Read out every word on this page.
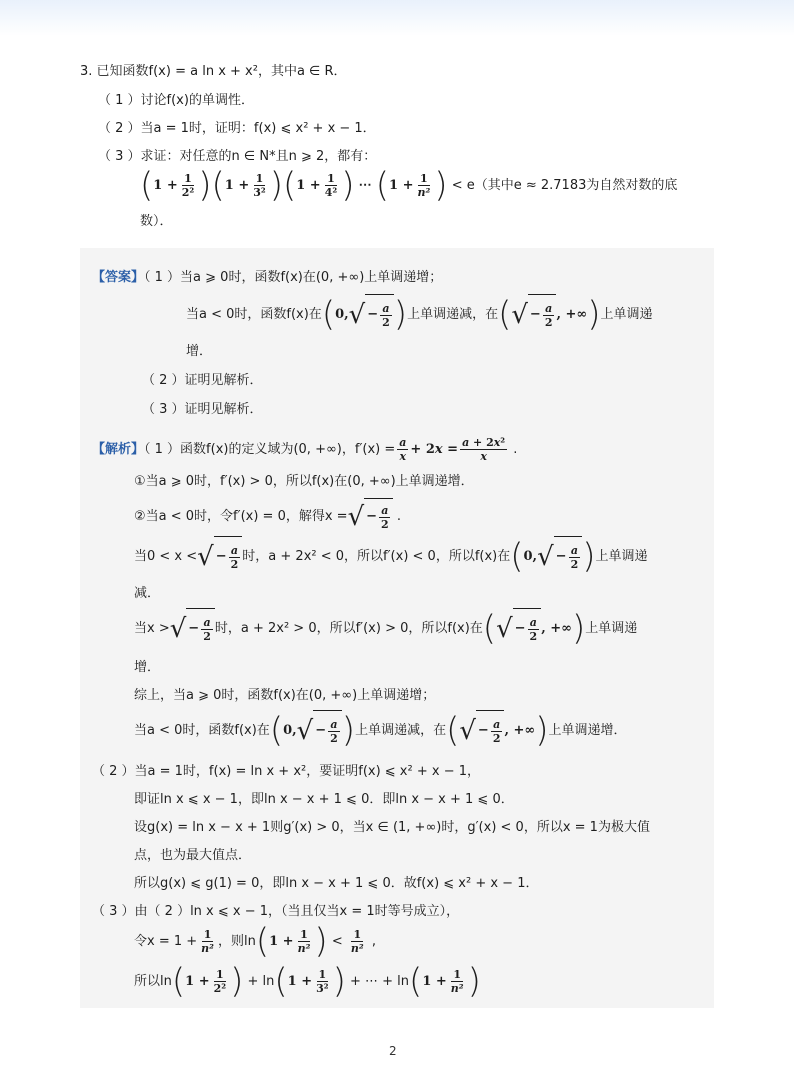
3. 已知函数f(x) = a ln x + x²，其中a ∈ R．
（ 1 ）讨论f(x)的单调性．
（ 2 ）当a = 1时，证明：f(x) ⩽ x² + x − 1．
（ 3 ）求证：对任意的n ∈ N*且n ⩾ 2，都有：
$(1 + \frac{1}{\text{2²}} )(1 + \frac{1}{\text{3²}} )(1 + \frac{1}{\text{4²}}$ ) ⋯ ($1 + \frac{1}{\text{n²}}$ ) < e（其中e ≈ 2.7183为自然对数的底
数）．
【答案】（ 1 ）当a ⩾ 0时，函数f(x)在(0, +∞)上单调递增；
当a < 0时，函数f(x)在(0, √ − $\frac{a}{2}$ )上单调递减，在( √ − $\frac{a}{2}$ , +∞)上单调递
增．
（ 2 ）证明见解析．
（ 3 ）证明见解析．
【解析】（ 1 ）函数f(x)的定义域为(0, +∞)，$f'(x) = \frac{a}{x} + 2x = \frac{\text{a + 2x²}}{x}$ .
①当a ⩾ 0时，f′(x) > 0，所以f(x)在(0, +∞)上单调递增．
②当a < 0时，令f′(x) = 0，解得x = √ − $\frac{a}{2}$ .
当0 < x < √ − $\frac{a}{2}$ 时，a + 2x² < 0，所以f′(x) < 0，所以f(x)在(0, √ − $\frac{a}{2}$ )上单调递
减．
当x > √ − $\frac{a}{2}$ 时，a + 2x² > 0，所以f′(x) > 0，所以f(x)在( √ − $\frac{a}{2}$ , +∞)上单调递
增．
综上，当a ⩾ 0时，函数f(x)在(0, +∞)上单调递增；
当a < 0时，函数f(x)在(0, √ − $\frac{a}{2}$ )上单调递减，在( √ − $\frac{a}{2}$ , +∞)上单调递增．
（ 2 ）当a = 1时，f(x) = ln x + x²，要证明f(x) ⩽ x² + x − 1，
即证ln x ⩽ x − 1，即ln x − x + 1 ⩽ 0．即ln x − x + 1 ⩽ 0．
设g(x) = ln x − x + 1则g′(x) > 0，当x ∈ (1, +∞)时，g′(x) < 0，所以x = 1为极大值
点，也为最大值点．
所以g(x) ⩽ g(1) = 0，即ln x − x + 1 ⩽ 0．故f(x) ⩽ x² + x − 1．
（ 3 ）由（ 2 ）ln x ⩽ x − 1，（当且仅当x = 1时等号成立），
令$x = 1 + \frac{1}{\text{n²}}$ ，则$\ln(1 + \frac{1}{\text{n²}}$ ) < $\frac{1}{\text{n²}}$ ,
所以$\ln(1 + \frac{1}{\text{2²}}$ ) + $\ln(1 + \frac{1}{\text{3²}}$ ) + ⋯ + $\ln(1 + \frac{1}{\text{n²}}$ )
2
